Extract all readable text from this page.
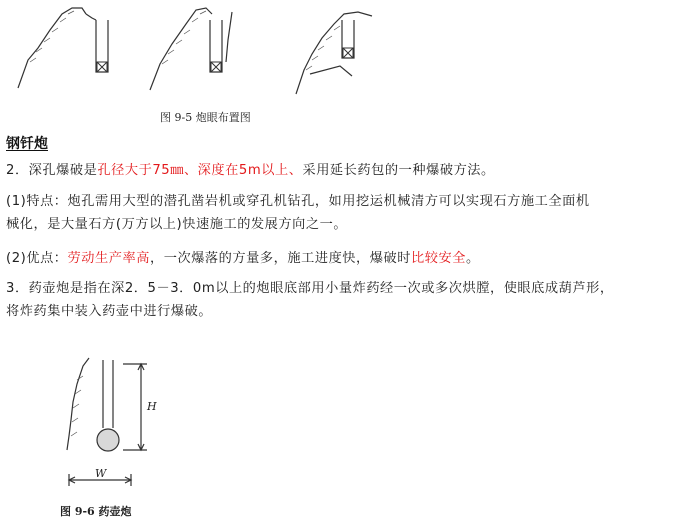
图 9-5 炮眼布置图
钢钎炮

2．深孔爆破是孔径大于75㎜、深度在5m以上、采用延长药包的一种爆破方法。

(1)特点：炮孔需用大型的潜孔凿岩机或穿孔机钻孔，如用挖运机械清方可以实现石方施工全面机
械化，是大量石方(万方以上)快速施工的发展方向之一。

(2)优点：劳动生产率高，一次爆落的方量多，施工进度快，爆破时比较安全。

3．药壶炮是指在深2．5－3．0m以上的炮眼底部用小量炸药经一次或多次烘膛，使眼底成葫芦形，
将炸药集中装入药壶中进行爆破。

H
W
图 9-6 药壶炮
